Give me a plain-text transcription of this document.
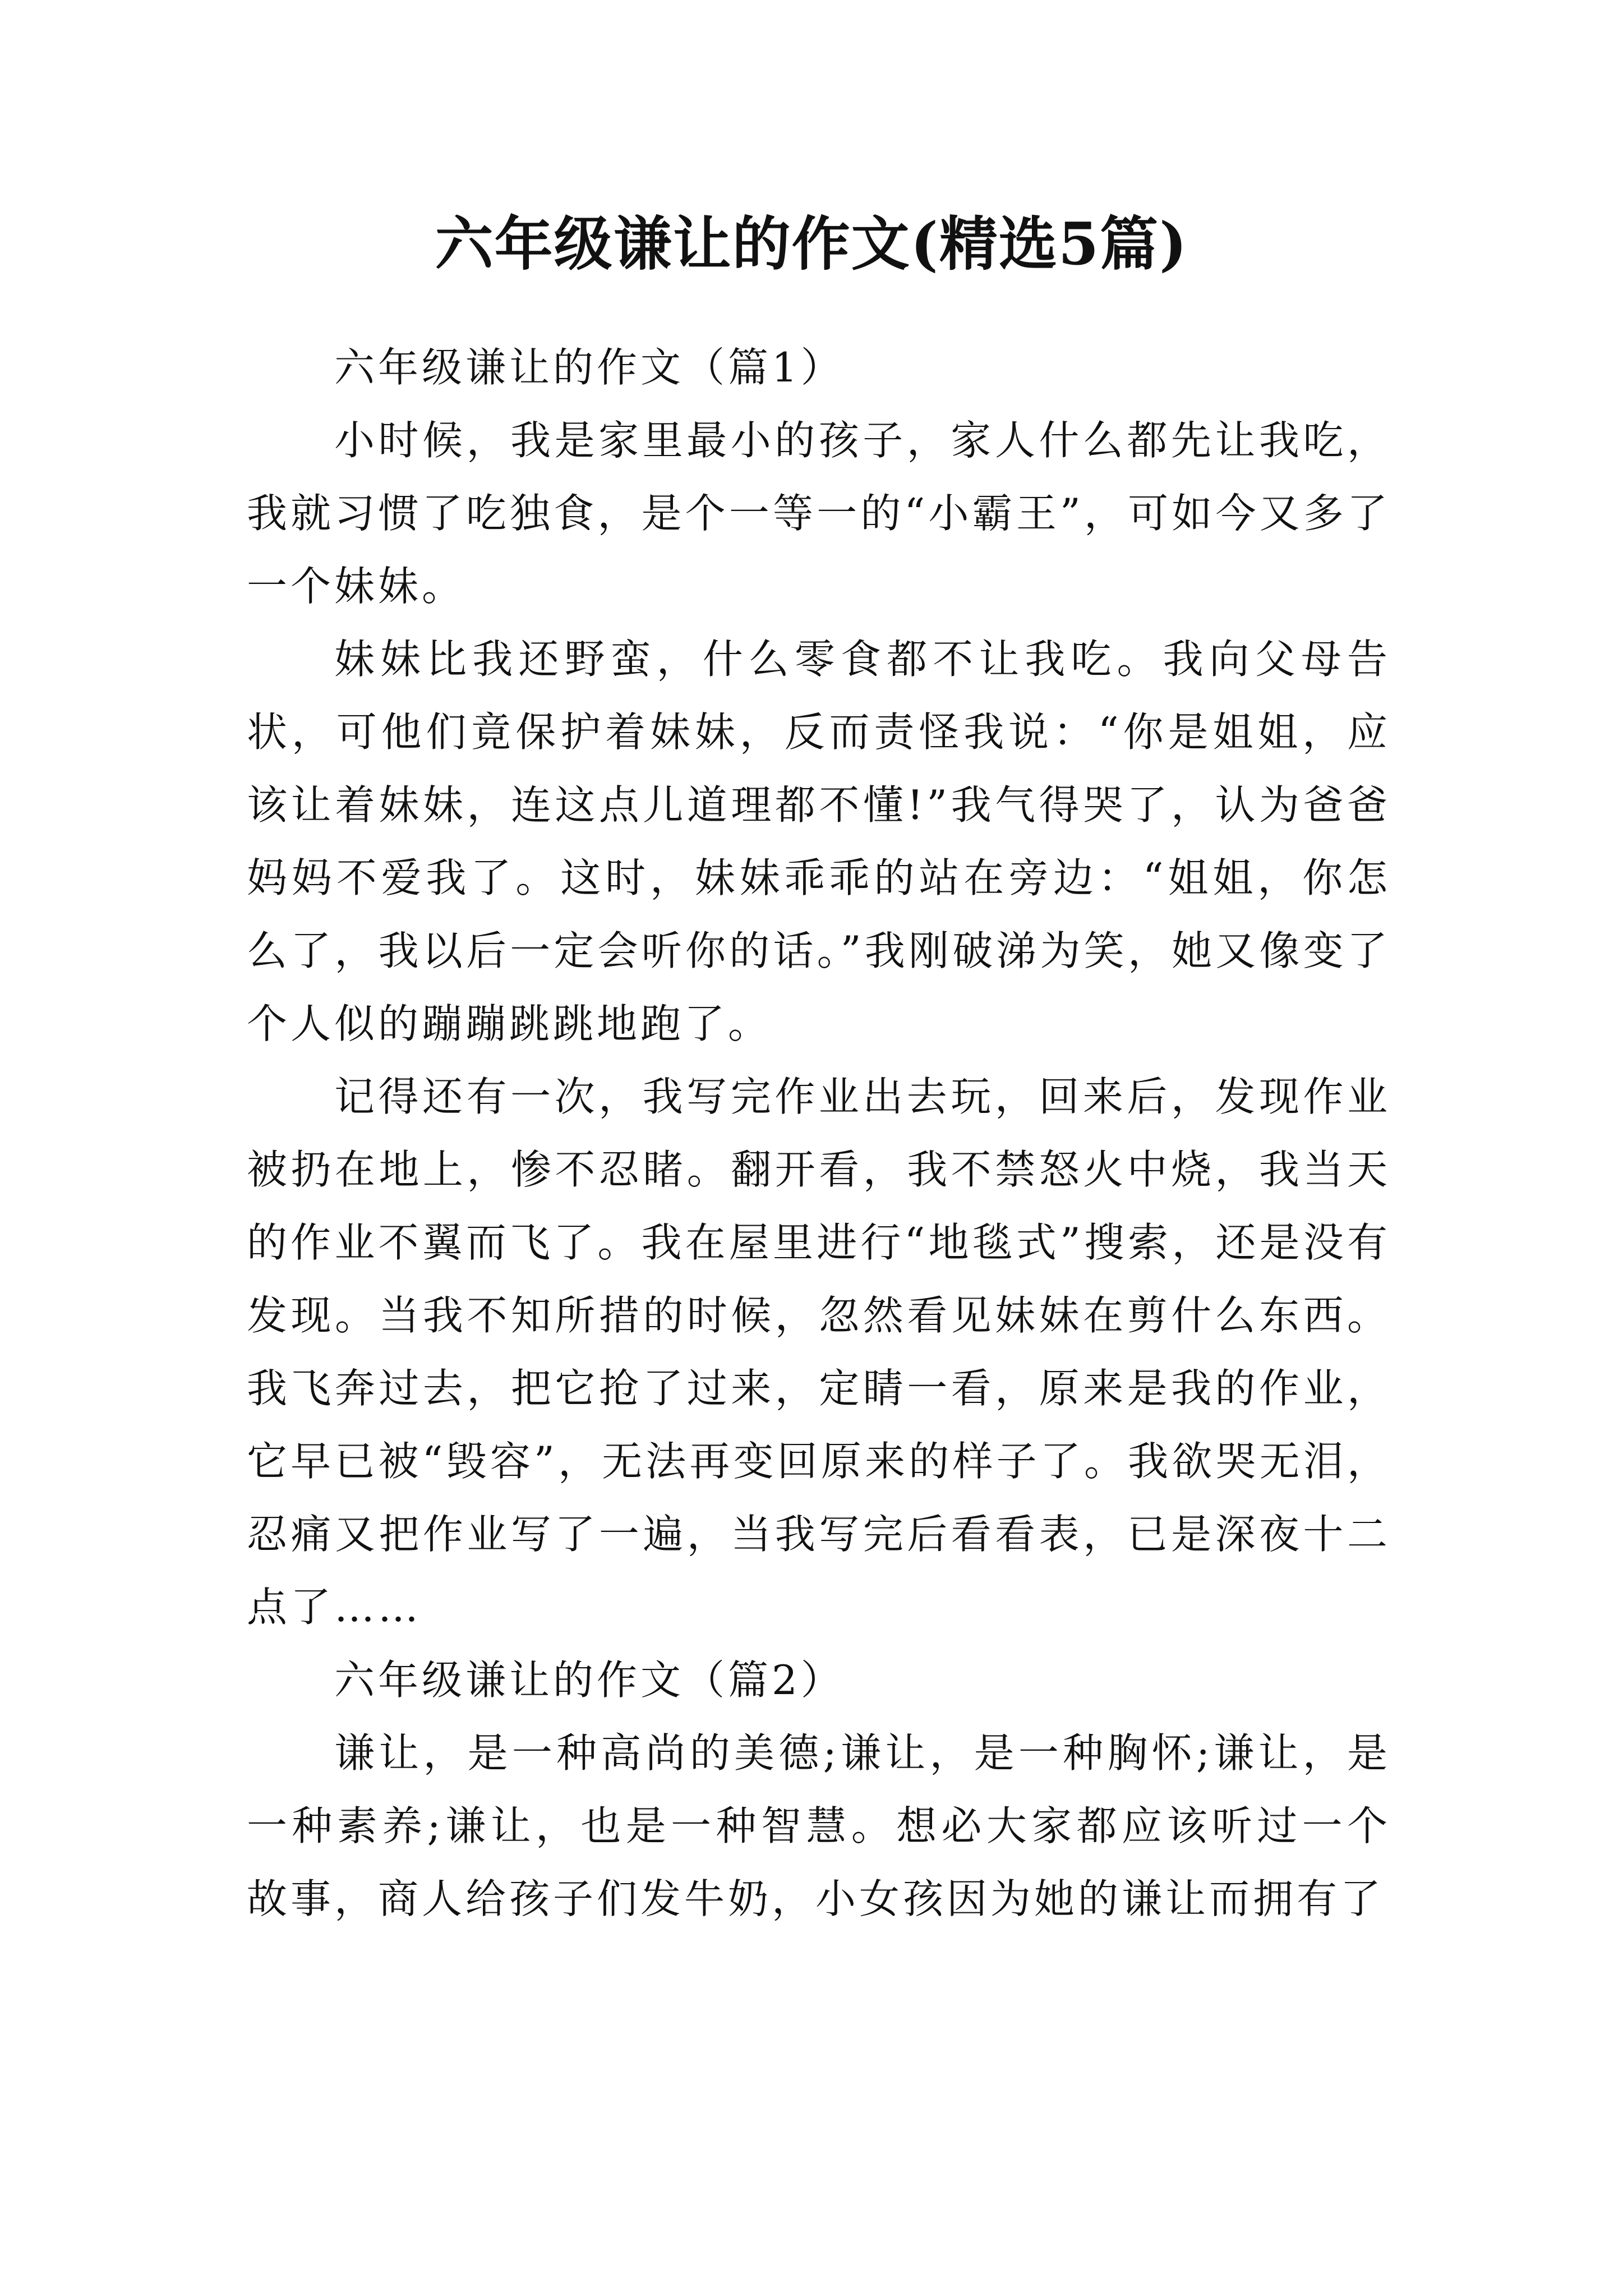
六年级谦让的作文(精选5篇)

六年级谦让的作文（篇1）

小时候，我是家里最小的孩子，家人什么都先让我吃，我就习惯了吃独食，是个一等一的“小霸王”，可如今又多了一个妹妹。

妹妹比我还野蛮，什么零食都不让我吃。我向父母告状，可他们竟保护着妹妹，反而责怪我说：“你是姐姐，应该让着妹妹，连这点儿道理都不懂!”我气得哭了，认为爸爸妈妈不爱我了。这时，妹妹乖乖的站在旁边：“姐姐，你怎么了，我以后一定会听你的话。”我刚破涕为笑，她又像变了个人似的蹦蹦跳跳地跑了。

记得还有一次，我写完作业出去玩，回来后，发现作业被扔在地上，惨不忍睹。翻开看，我不禁怒火中烧，我当天的作业不翼而飞了。我在屋里进行“地毯式”搜索，还是没有发现。当我不知所措的时候，忽然看见妹妹在剪什么东西。我飞奔过去，把它抢了过来，定睛一看，原来是我的作业，它早已被“毁容”，无法再变回原来的样子了。我欲哭无泪，忍痛又把作业写了一遍，当我写完后看看表，已是深夜十二点了……

六年级谦让的作文（篇2）

谦让，是一种高尚的美德;谦让，是一种胸怀;谦让，是一种素养;谦让，也是一种智慧。想必大家都应该听过一个故事，商人给孩子们发牛奶，小女孩因为她的谦让而拥有了
